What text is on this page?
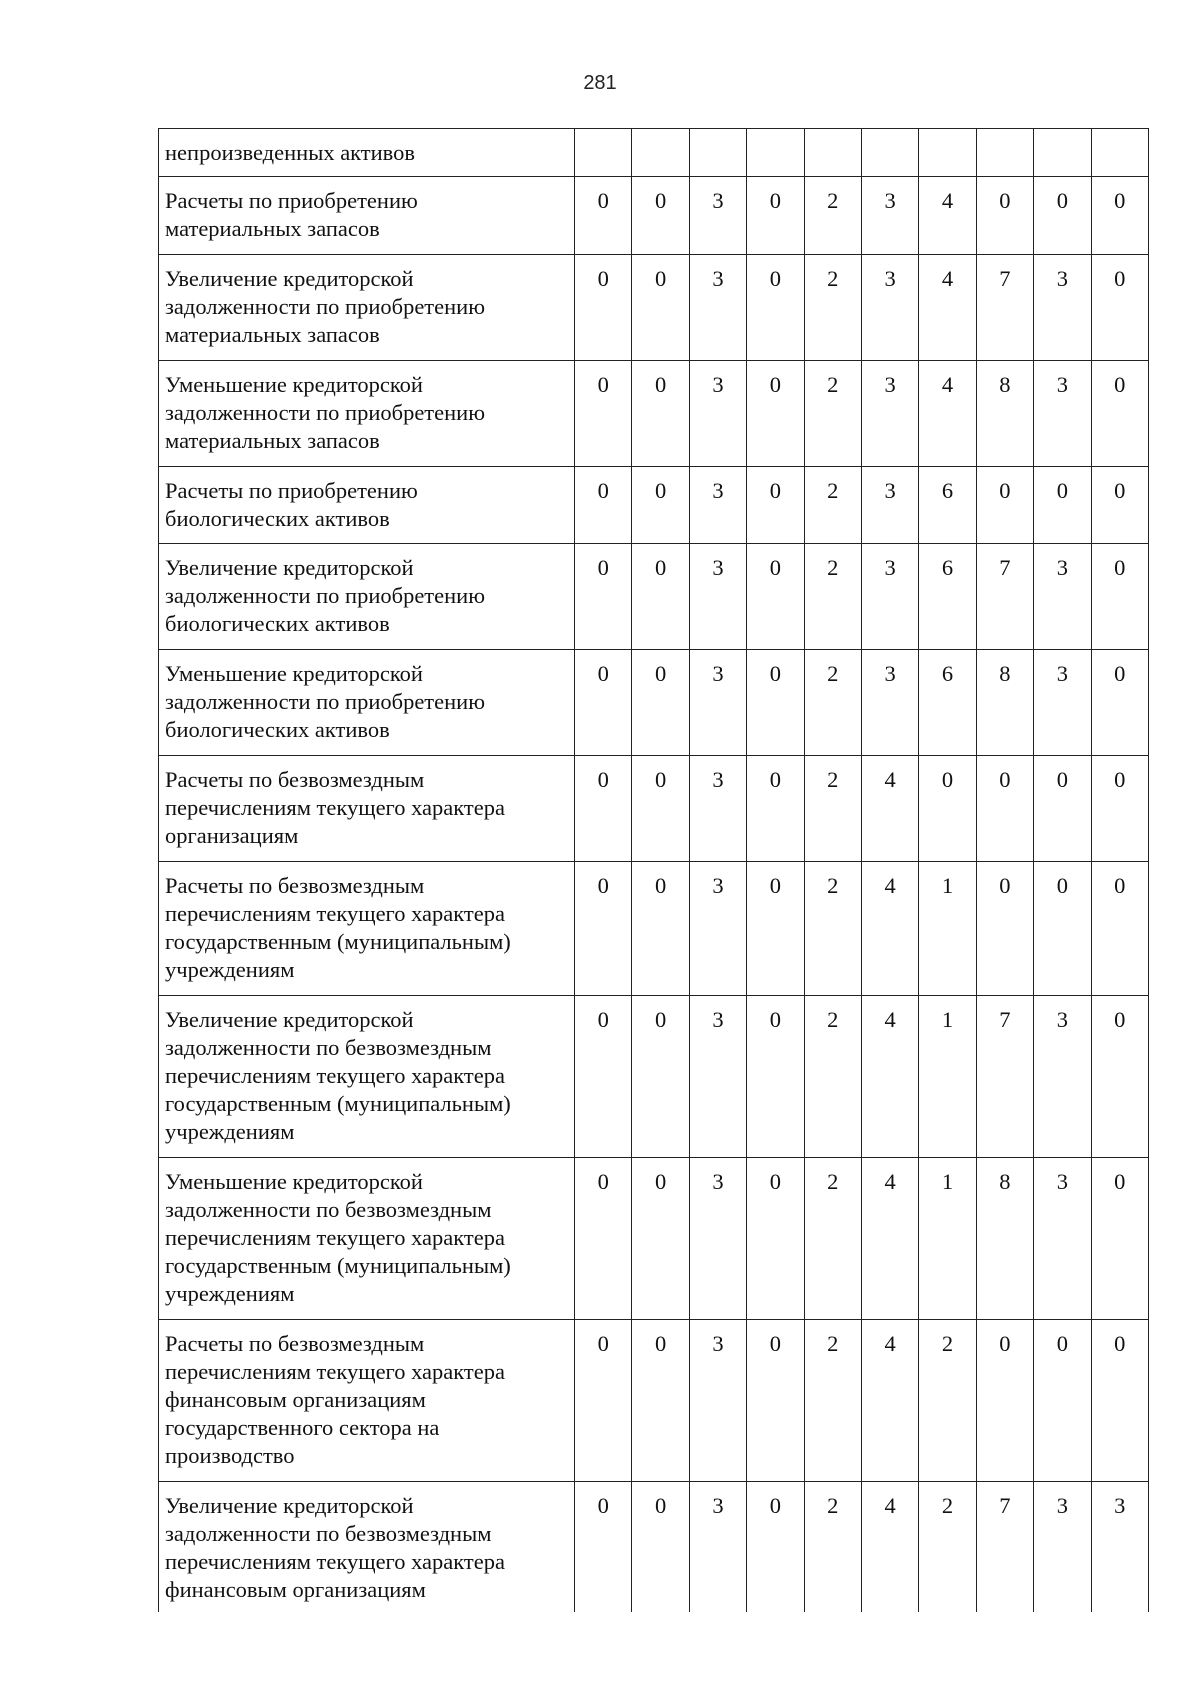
281
непроизведенных активов										

Расчеты по приобретению
материальных запасов	0	0	3	0	2	3	4	0	0	0

Увеличение кредиторской
задолженности по приобретению
материальных запасов	0	0	3	0	2	3	4	7	3	0

Уменьшение кредиторской
задолженности по приобретению
материальных запасов	0	0	3	0	2	3	4	8	3	0

Расчеты по приобретению
биологических активов	0	0	3	0	2	3	6	0	0	0

Увеличение кредиторской
задолженности по приобретению
биологических активов	0	0	3	0	2	3	6	7	3	0

Уменьшение кредиторской
задолженности по приобретению
биологических активов	0	0	3	0	2	3	6	8	3	0

Расчеты по безвозмездным
перечислениям текущего характера
организациям	0	0	3	0	2	4	0	0	0	0

Расчеты по безвозмездным
перечислениям текущего характера
государственным (муниципальным)
учреждениям	0	0	3	0	2	4	1	0	0	0

Увеличение кредиторской
задолженности по безвозмездным
перечислениям текущего характера
государственным (муниципальным)
учреждениям	0	0	3	0	2	4	1	7	3	0

Уменьшение кредиторской
задолженности по безвозмездным
перечислениям текущего характера
государственным (муниципальным)
учреждениям	0	0	3	0	2	4	1	8	3	0

Расчеты по безвозмездным
перечислениям текущего характера
финансовым организациям
государственного сектора на
производство	0	0	3	0	2	4	2	0	0	0

Увеличение кредиторской
задолженности по безвозмездным
перечислениям текущего характера
финансовым организациям	0	0	3	0	2	4	2	7	3	3
